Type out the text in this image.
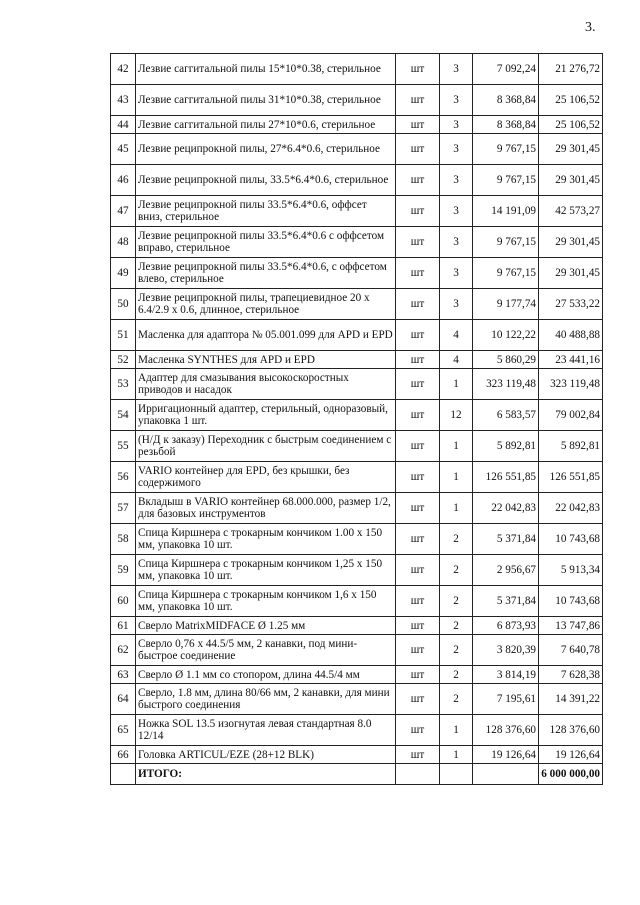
3.
42	Лезвие саггитальной пилы 15*10*0.38, стерильное	шт	3	7 092,24	21 276,72
43	Лезвие саггитальной пилы 31*10*0.38, стерильное	шт	3	8 368,84	25 106,52
44	Лезвие саггитальной пилы 27*10*0.6, стерильное	шт	3	8 368,84	25 106,52
45	Лезвие реципрокной пилы, 27*6.4*0.6, стерильное	шт	3	9 767,15	29 301,45
46	Лезвие реципрокной пилы, 33.5*6.4*0.6, стерильное	шт	3	9 767,15	29 301,45
47	Лезвие реципрокной пилы 33.5*6.4*0.6, оффсет вниз, стерильное	шт	3	14 191,09	42 573,27
48	Лезвие реципрокной пилы 33.5*6.4*0.6 с оффсетом вправо, стерильное	шт	3	9 767,15	29 301,45
49	Лезвие реципрокной пилы 33.5*6.4*0.6, с оффсетом влево, стерильное	шт	3	9 767,15	29 301,45
50	Лезвие реципрокной пилы, трапециевидное 20 х 6.4/2.9 х 0.6, длинное, стерильное	шт	3	9 177,74	27 533,22
51	Масленка для адаптора № 05.001.099 для APD и EPD	шт	4	10 122,22	40 488,88
52	Масленка SYNTHES для APD и EPD	шт	4	5 860,29	23 441,16
53	Адаптер для смазывания высокоскоростных приводов и насадок	шт	1	323 119,48	323 119,48
54	Ирригационный адаптер, стерильный, одноразовый, упаковка 1 шт.	шт	12	6 583,57	79 002,84
55	(Н/Д к заказу) Переходник с быстрым соединением с резьбой	шт	1	5 892,81	5 892,81
56	VARIO контейнер для EPD, без крышки, без содержимого	шт	1	126 551,85	126 551,85
57	Вкладыш в VARIO контейнер 68.000.000, размер 1/2, для базовых инструментов	шт	1	22 042,83	22 042,83
58	Спица Киршнера с трокарным кончиком 1.00 х 150 мм, упаковка 10 шт.	шт	2	5 371,84	10 743,68
59	Спица Киршнера с трокарным кончиком 1,25 х 150 мм, упаковка 10 шт.	шт	2	2 956,67	5 913,34
60	Спица Киршнера с трокарным кончиком 1,6 х 150 мм, упаковка 10 шт.	шт	2	5 371,84	10 743,68
61	Сверло MatrixMIDFACE Ø 1.25 мм	шт	2	6 873,93	13 747,86
62	Сверло 0,76 х 44.5/5 мм, 2 канавки, под мини-быстрое соединение	шт	2	3 820,39	7 640,78
63	Сверло Ø 1.1 мм со стопором, длина 44.5/4 мм	шт	2	3 814,19	7 628,38
64	Сверло, 1.8 мм, длина 80/66 мм, 2 канавки, для мини быстрого соединения	шт	2	7 195,61	14 391,22
65	Ножка SOL 13.5 изогнутая левая стандартная 8.0 12/14	шт	1	128 376,60	128 376,60
66	Головка ARTICUL/EZE (28+12 BLK)	шт	1	19 126,64	19 126,64
	ИТОГО:				6 000 000,00
